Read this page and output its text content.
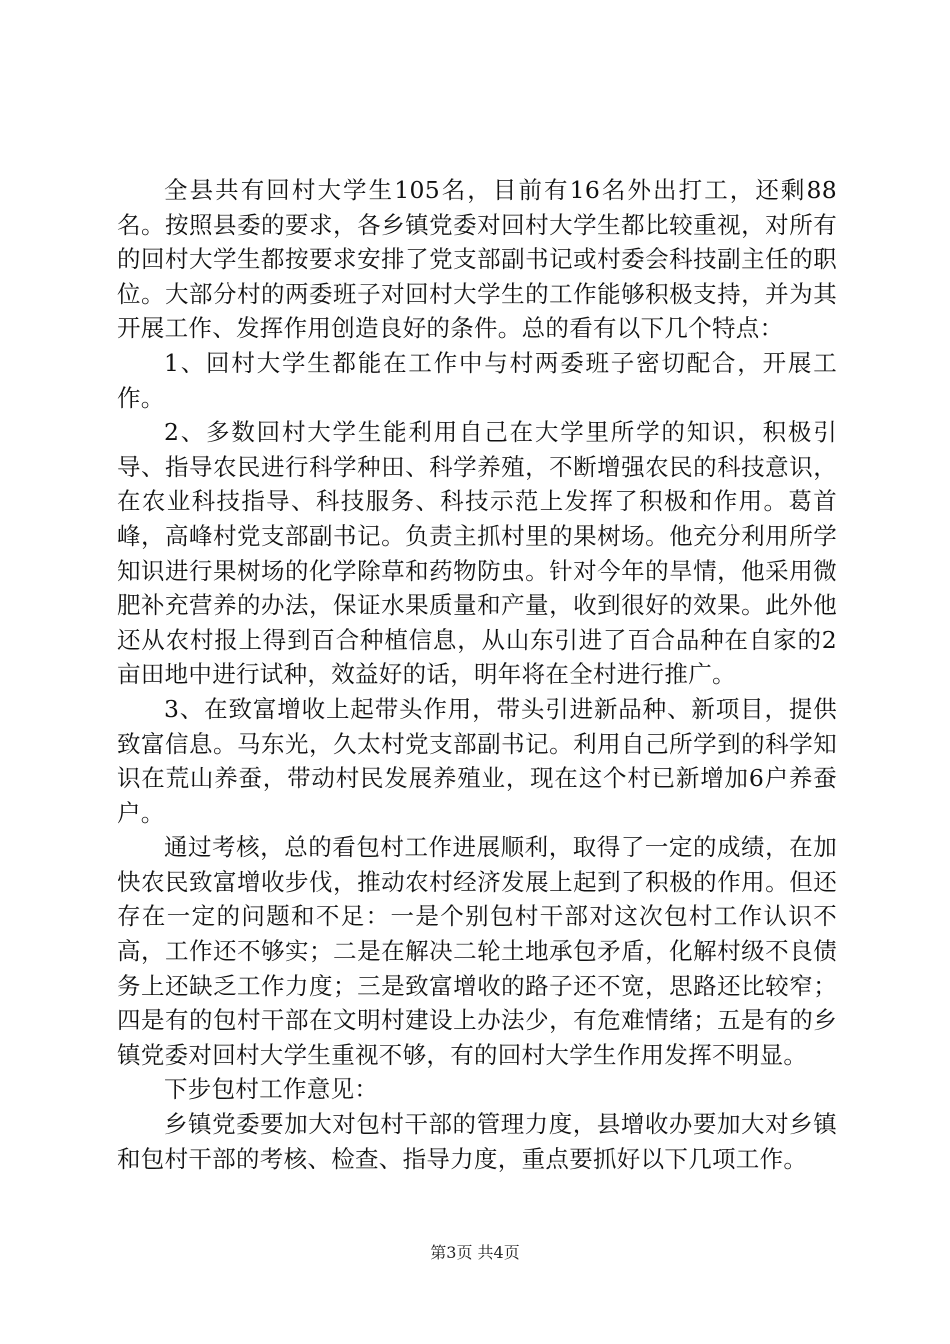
全县共有回村大学生105名，目前有16名外出打工，还剩88名。按照县委的要求，各乡镇党委对回村大学生都比较重视，对所有的回村大学生都按要求安排了党支部副书记或村委会科技副主任的职位。大部分村的两委班子对回村大学生的工作能够积极支持，并为其开展工作、发挥作用创造良好的条件。总的看有以下几个特点：

1、回村大学生都能在工作中与村两委班子密切配合，开展工作。

2、多数回村大学生能利用自己在大学里所学的知识，积极引导、指导农民进行科学种田、科学养殖，不断增强农民的科技意识，在农业科技指导、科技服务、科技示范上发挥了积极和作用。葛首峰，高峰村党支部副书记。负责主抓村里的果树场。他充分利用所学知识进行果树场的化学除草和药物防虫。针对今年的旱情，他采用微肥补充营养的办法，保证水果质量和产量，收到很好的效果。此外他还从农村报上得到百合种植信息，从山东引进了百合品种在自家的2亩田地中进行试种，效益好的话，明年将在全村进行推广。

3、在致富增收上起带头作用，带头引进新品种、新项目，提供致富信息。马东光，久太村党支部副书记。利用自己所学到的科学知识在荒山养蚕，带动村民发展养殖业，现在这个村已新增加6户养蚕户。

通过考核，总的看包村工作进展顺利，取得了一定的成绩，在加快农民致富增收步伐，推动农村经济发展上起到了积极的作用。但还存在一定的问题和不足：一是个别包村干部对这次包村工作认识不高，工作还不够实；二是在解决二轮土地承包矛盾，化解村级不良债务上还缺乏工作力度；三是致富增收的路子还不宽，思路还比较窄；四是有的包村干部在文明村建设上办法少，有危难情绪；五是有的乡镇党委对回村大学生重视不够，有的回村大学生作用发挥不明显。

下步包村工作意见：

乡镇党委要加大对包村干部的管理力度，县增收办要加大对乡镇和包村干部的考核、检查、指导力度，重点要抓好以下几项工作。

第3页 共4页
